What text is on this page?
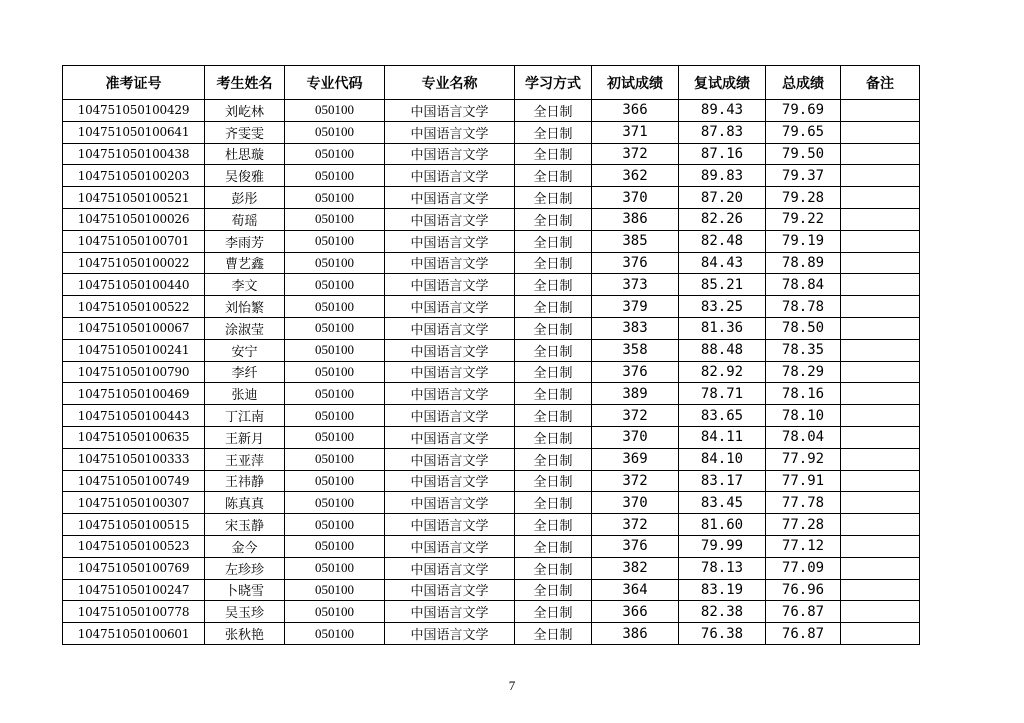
准考证号	考生姓名	专业代码	专业名称	学习方式	初试成绩	复试成绩	总成绩	备注
104751050100429	刘屹林	050100	中国语言文学	全日制	366	89.43	79.69	
104751050100641	齐雯雯	050100	中国语言文学	全日制	371	87.83	79.65	
104751050100438	杜思璇	050100	中国语言文学	全日制	372	87.16	79.50	
104751050100203	吴俊雅	050100	中国语言文学	全日制	362	89.83	79.37	
104751050100521	彭彤	050100	中国语言文学	全日制	370	87.20	79.28	
104751050100026	荀瑶	050100	中国语言文学	全日制	386	82.26	79.22	
104751050100701	李雨芳	050100	中国语言文学	全日制	385	82.48	79.19	
104751050100022	曹艺鑫	050100	中国语言文学	全日制	376	84.43	78.89	
104751050100440	李文	050100	中国语言文学	全日制	373	85.21	78.84	
104751050100522	刘怡繁	050100	中国语言文学	全日制	379	83.25	78.78	
104751050100067	涂淑莹	050100	中国语言文学	全日制	383	81.36	78.50	
104751050100241	安宁	050100	中国语言文学	全日制	358	88.48	78.35	
104751050100790	李纤	050100	中国语言文学	全日制	376	82.92	78.29	
104751050100469	张迪	050100	中国语言文学	全日制	389	78.71	78.16	
104751050100443	丁江南	050100	中国语言文学	全日制	372	83.65	78.10	
104751050100635	王新月	050100	中国语言文学	全日制	370	84.11	78.04	
104751050100333	王亚萍	050100	中国语言文学	全日制	369	84.10	77.92	
104751050100749	王祎静	050100	中国语言文学	全日制	372	83.17	77.91	
104751050100307	陈真真	050100	中国语言文学	全日制	370	83.45	77.78	
104751050100515	宋玉静	050100	中国语言文学	全日制	372	81.60	77.28	
104751050100523	金今	050100	中国语言文学	全日制	376	79.99	77.12	
104751050100769	左珍珍	050100	中国语言文学	全日制	382	78.13	77.09	
104751050100247	卜晓雪	050100	中国语言文学	全日制	364	83.19	76.96	
104751050100778	吴玉珍	050100	中国语言文学	全日制	366	82.38	76.87	
104751050100601	张秋艳	050100	中国语言文学	全日制	386	76.38	76.87	
7
